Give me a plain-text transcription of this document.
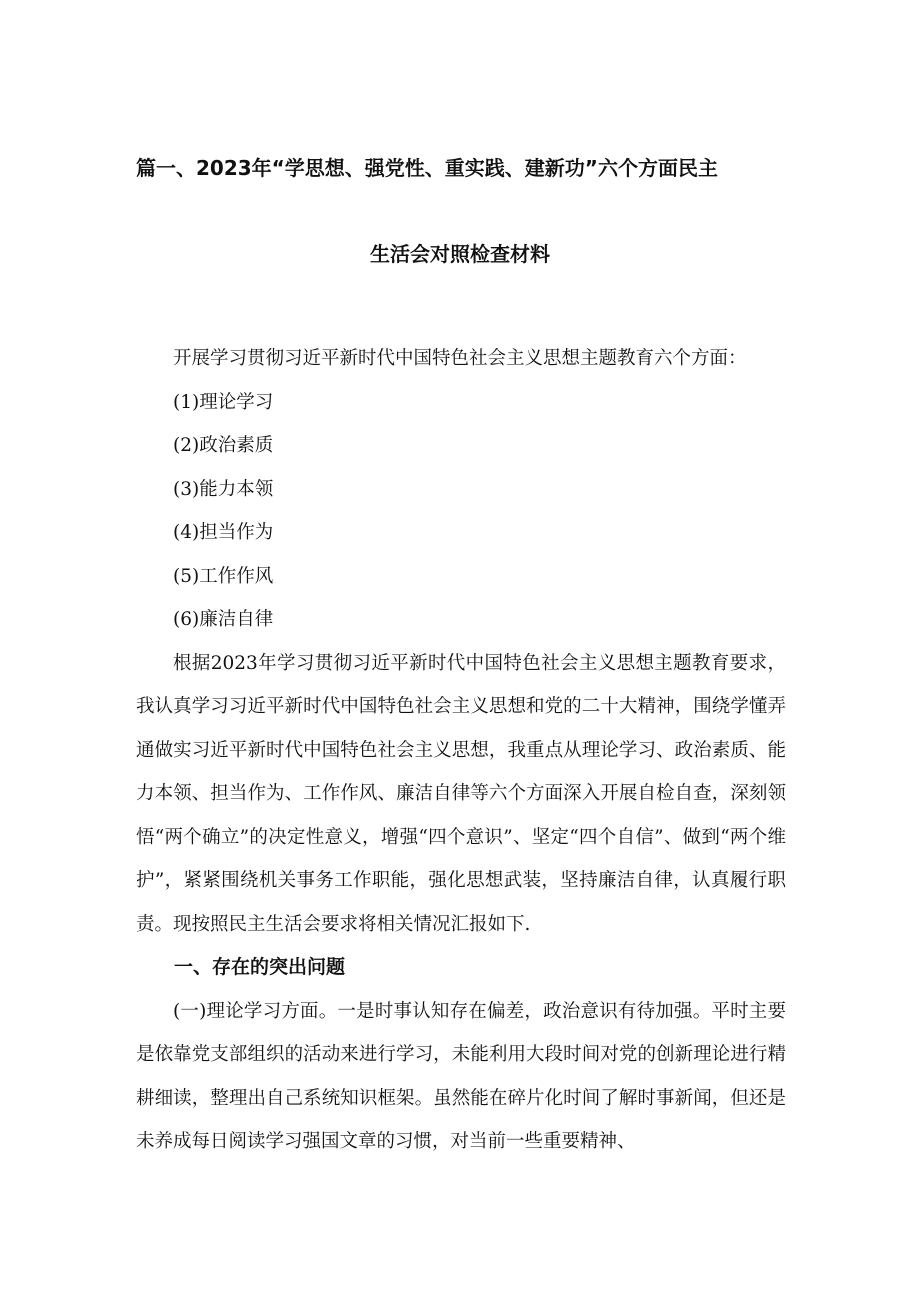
篇一、2023年“学思想、强党性、重实践、建新功”六个方面民主
生活会对照检查材料

开展学习贯彻习近平新时代中国特色社会主义思想主题教育六个方面：

(1)理论学习

(2)政治素质

(3)能力本领

(4)担当作为

(5)工作作风

(6)廉洁自律

根据2023年学习贯彻习近平新时代中国特色社会主义思想主题教育要求，我认真学习习近平新时代中国特色社会主义思想和党的二十大精神，围绕学懂弄通做实习近平新时代中国特色社会主义思想，我重点从理论学习、政治素质、能力本领、担当作为、工作作风、廉洁自律等六个方面深入开展自检自查，深刻领悟“两个确立”的决定性意义，增强“四个意识”、坚定“四个自信”、做到“两个维护”，紧紧围绕机关事务工作职能，强化思想武装，坚持廉洁自律，认真履行职责。现按照民主生活会要求将相关情况汇报如下.

一、存在的突出问题

(一)理论学习方面。一是时事认知存在偏差，政治意识有待加强。平时主要是依靠党支部组织的活动来进行学习，未能利用大段时间对党的创新理论进行精耕细读，整理出自己系统知识框架。虽然能在碎片化时间了解时事新闻，但还是未养成每日阅读学习强国文章的习惯，对当前一些重要精神、
